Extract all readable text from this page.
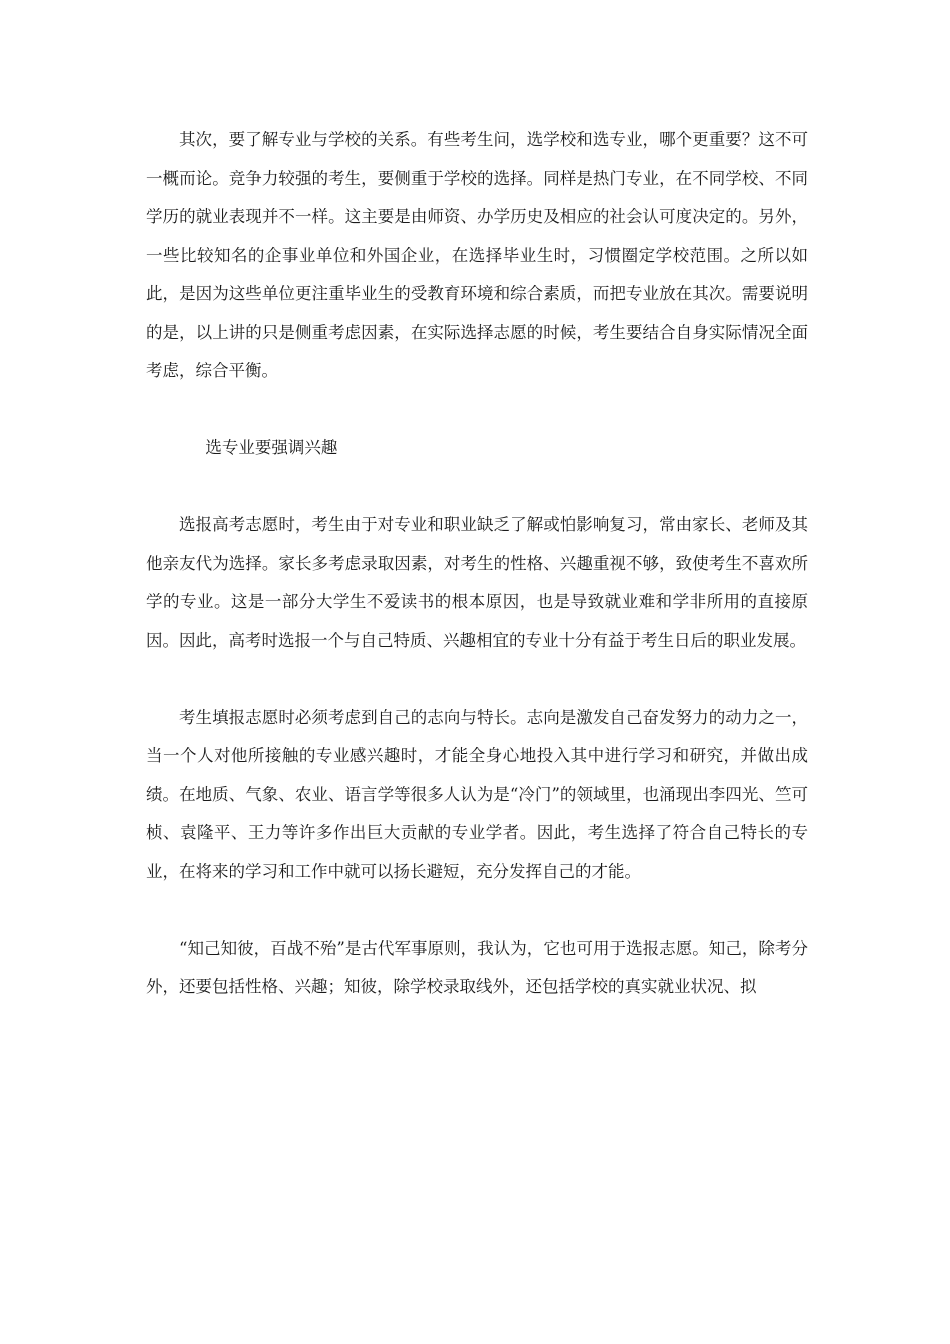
其次，要了解专业与学校的关系。有些考生问，选学校和选专业，哪个更重要？这不可一概而论。竞争力较强的考生，要侧重于学校的选择。同样是热门专业，在不同学校、不同学历的就业表现并不一样。这主要是由师资、办学历史及相应的社会认可度决定的。另外，一些比较知名的企事业单位和外国企业，在选择毕业生时，习惯圈定学校范围。之所以如此，是因为这些单位更注重毕业生的受教育环境和综合素质，而把专业放在其次。需要说明的是，以上讲的只是侧重考虑因素，在实际选择志愿的时候，考生要结合自身实际情况全面考虑，综合平衡。

选专业要强调兴趣

选报高考志愿时，考生由于对专业和职业缺乏了解或怕影响复习，常由家长、老师及其他亲友代为选择。家长多考虑录取因素，对考生的性格、兴趣重视不够，致使考生不喜欢所学的专业。这是一部分大学生不爱读书的根本原因，也是导致就业难和学非所用的直接原因。因此，高考时选报一个与自己特质、兴趣相宜的专业十分有益于考生日后的职业发展。

考生填报志愿时必须考虑到自己的志向与特长。志向是激发自己奋发努力的动力之一，当一个人对他所接触的专业感兴趣时，才能全身心地投入其中进行学习和研究，并做出成绩。在地质、气象、农业、语言学等很多人认为是“冷门”的领域里，也涌现出李四光、竺可桢、袁隆平、王力等许多作出巨大贡献的专业学者。因此，考生选择了符合自己特长的专业，在将来的学习和工作中就可以扬长避短，充分发挥自己的才能。

“知己知彼，百战不殆”是古代军事原则，我认为，它也可用于选报志愿。知己，除考分外，还要包括性格、兴趣；知彼，除学校录取线外，还包括学校的真实就业状况、拟
